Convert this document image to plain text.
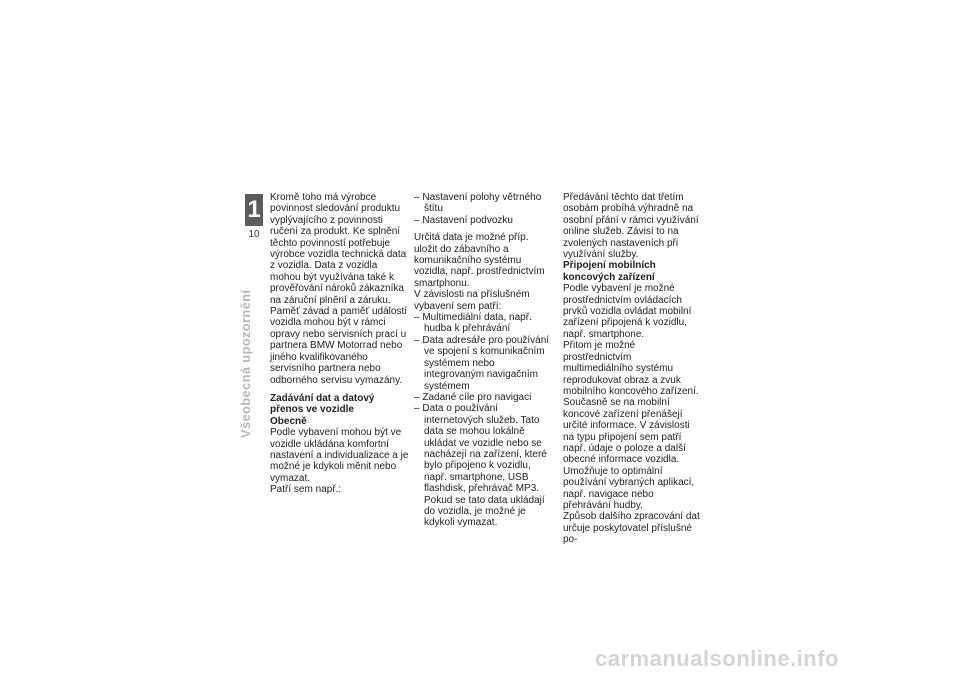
1
10
Všeobecná upozornění

Kromě toho má výrobce povinnost sledování produktu vyplývajícího z povinnosti ručení za produkt. Ke splnění těchto povinností potřebuje výrobce vozidla technická data z vozidla. Data z vozidla mohou být využívána také k prověřování nároků zákazníka na záruční plnění a záruku.

Paměť závad a paměť událostí vozidla mohou být v rámci opravy nebo servisních prací u partnera BMW Motorrad nebo jiného kvalifikovaného servisního partnera nebo odborného servisu vymazány.

Zadávání dat a datový přenos ve vozidle

Obecně

Podle vybavení mohou být ve vozidle ukládána komfortní nastavení a individualizace a je možné je kdykoli měnit nebo vymazat.

Patří sem např.:

– Nastavení polohy větrného štítu

– Nastavení podvozku

Určitá data je možné příp. uložit do zábavního a komunikačního systému vozidla, např. prostřednictvím smartphonu.

V závislosti na příslušném vybavení sem patří:

– Multimediální data, např. hudba k přehrávání

– Data adresáře pro používání ve spojení s komunikačním systémem nebo integrovaným navigačním systémem

– Zadané cíle pro navigaci

– Data o používání internetových služeb. Tato data se mohou lokálně ukládat ve vozidle nebo se nacházejí na zařízení, které bylo připojeno k vozidlu, např. smartphone, USB flashdisk, přehrávač MP3. Pokud se tato data ukládají do vozidla, je možné je kdykoli vymazat.

Předávání těchto dat třetím osobám probíhá výhradně na osobní přání v rámci využívání online služeb. Závisí to na zvolených nastaveních při využívání služby.

Připojení mobilních koncových zařízení

Podle vybavení je možné prostřednictvím ovládacích prvků vozidla ovládat mobilní zařízení připojená k vozidlu, např. smartphone.

Přitom je možné prostřednictvím multimediálního systému reprodukovat obraz a zvuk mobilního koncového zařízení. Současně se na mobilní koncové zařízení přenášejí určité informace. V závislosti na typu připojení sem patří např. údaje o poloze a další obecné informace vozidla. Umožňuje to optimální používání vybraných aplikací, např. navigace nebo přehrávání hudby.

Způsob dalšího zpracování dat určuje poskytovatel příslušné po-

carmanualsonline.info
